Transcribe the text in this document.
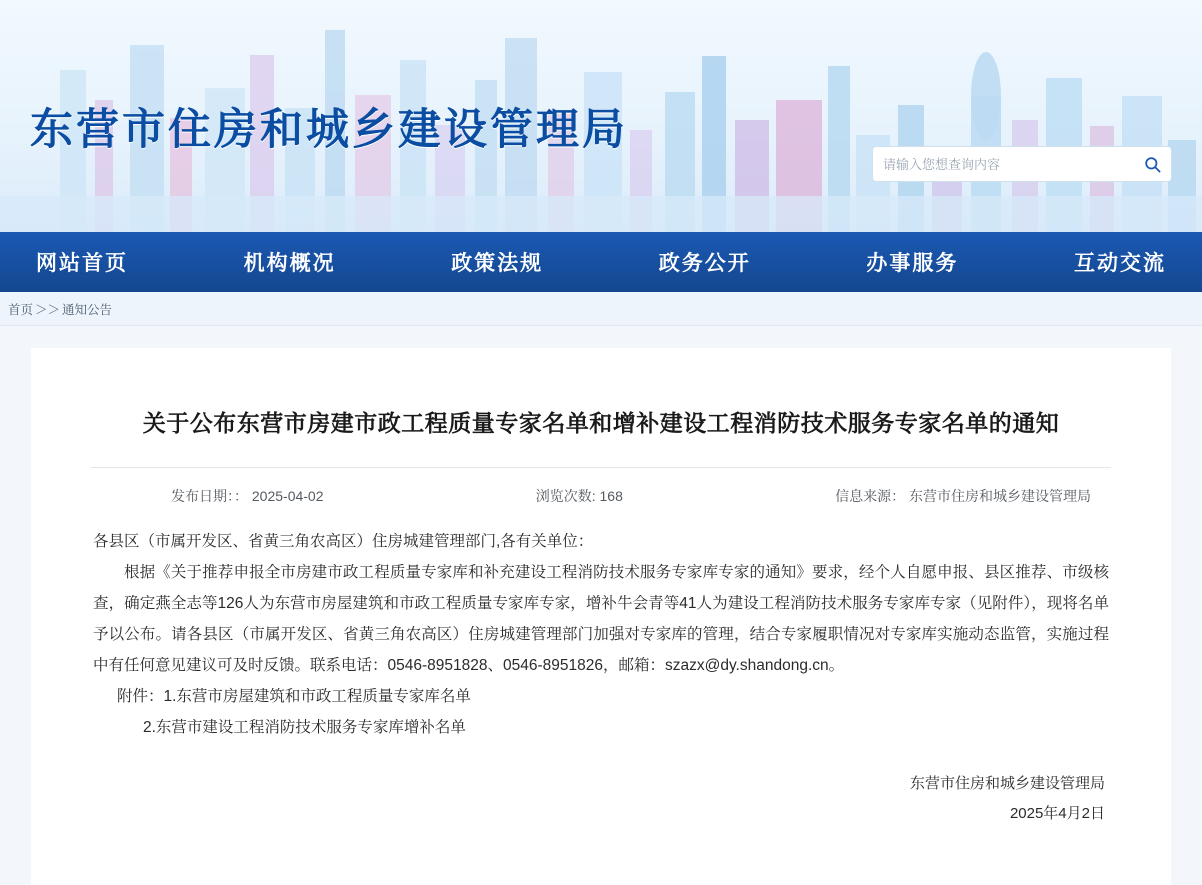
东营市住房和城乡建设管理局
请输入您想查询内容
网站首页	机构概况	政策法规	政务公开	办事服务	互动交流
首页 ＞＞ 通知公告
关于公布东营市房建市政工程质量专家名单和增补建设工程消防技术服务专家名单的通知
发布日期：： 2025-04-02	浏览次数: 168	信息来源： 东营市住房和城乡建设管理局
各县区（市属开发区、省黄三角农高区）住房城建管理部门,各有关单位：
根据《关于推荐申报全市房建市政工程质量专家库和补充建设工程消防技术服务专家库专家的通知》要求，经个人自愿申报、县区推荐、市级核查，确定燕全志等126人为东营市房屋建筑和市政工程质量专家库专家，增补牛会青等41人为建设工程消防技术服务专家库专家（见附件），现将名单予以公布。请各县区（市属开发区、省黄三角农高区）住房城建管理部门加强对专家库的管理，结合专家履职情况对专家库实施动态监管，实施过程中有任何意见建议可及时反馈。联系电话：0546-8951828、0546-8951826，邮箱：szazx@dy.shandong.cn。
附件：1.东营市房屋建筑和市政工程质量专家库名单
2.东营市建设工程消防技术服务专家库增补名单
东营市住房和城乡建设管理局
2025年4月2日
